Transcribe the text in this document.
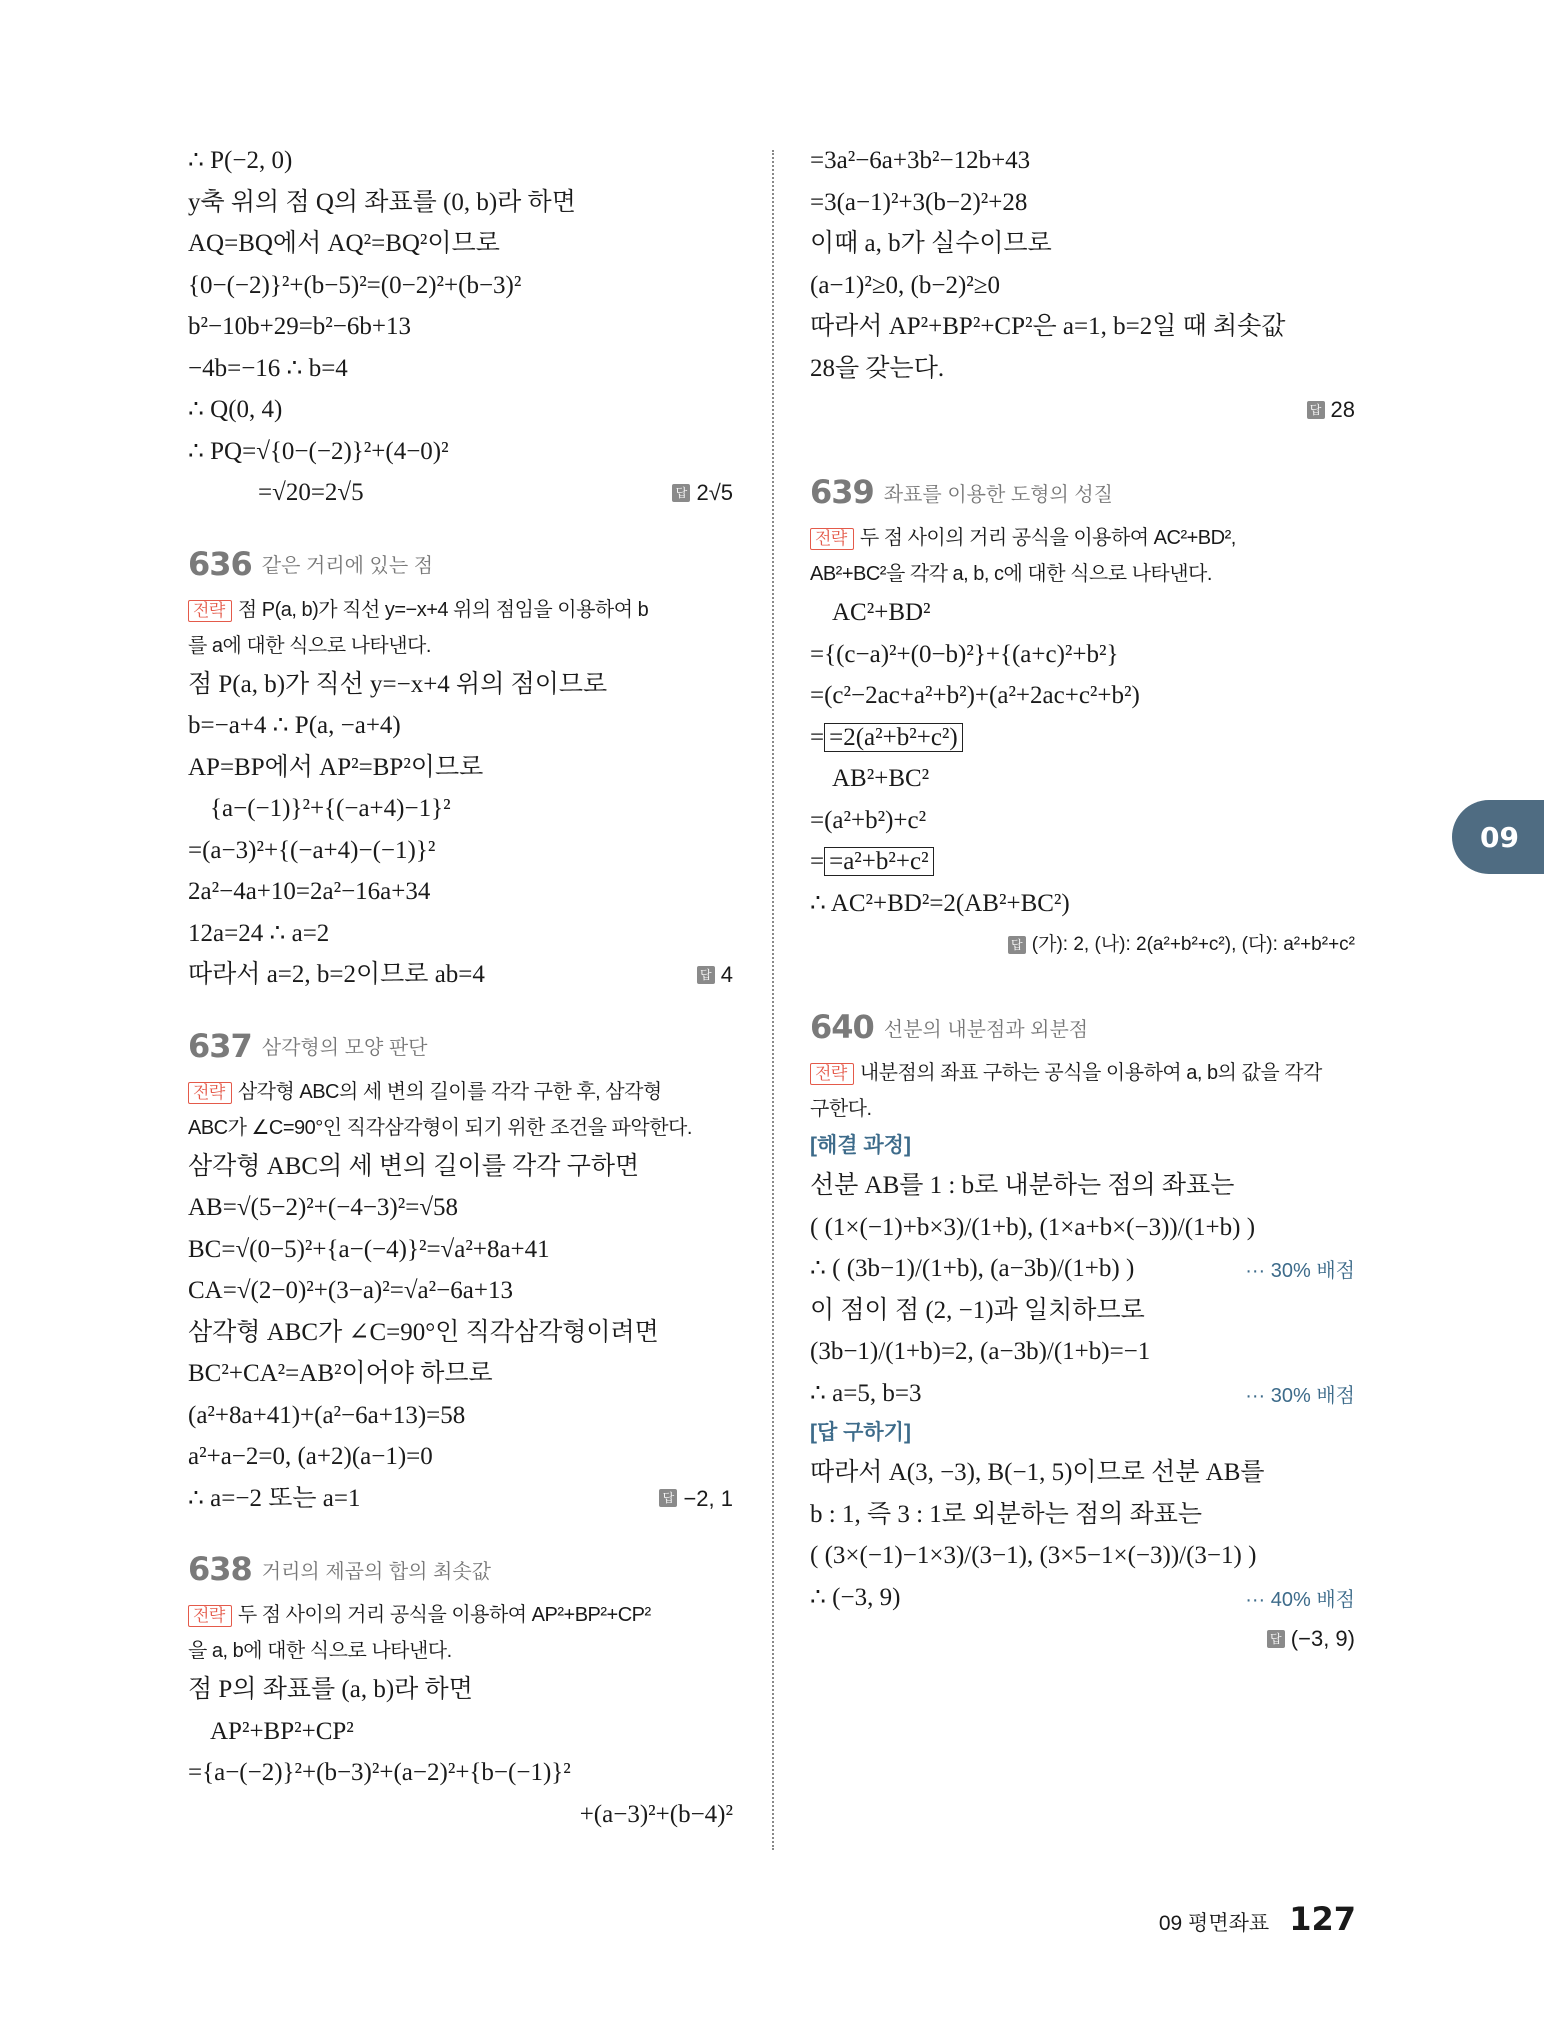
∴ P(−2, 0)
y축 위의 점 Q의 좌표를 (0, b)라 하면
AQ=BQ에서 AQ²=BQ²이므로
{0−(−2)}²+(b−5)²=(0−2)²+(b−3)²
b²−10b+29=b²−6b+13
−4b=−16 ∴ b=4
∴ Q(0, 4)
∴ PQ=√{0−(−2)}²+(4−0)²
=√20=2√5	답 2√5
636 같은 거리에 있는 점
전략 점 P(a, b)가 직선 y=−x+4 위의 점임을 이용하여 b
를 a에 대한 식으로 나타낸다.
점 P(a, b)가 직선 y=−x+4 위의 점이므로
b=−a+4 ∴ P(a, −a+4)
AP=BP에서 AP²=BP²이므로
{a−(−1)}²+{(−a+4)−1}²
=(a−3)²+{(−a+4)−(−1)}²
2a²−4a+10=2a²−16a+34
12a=24 ∴ a=2
따라서 a=2, b=2이므로 ab=4	답 4
637 삼각형의 모양 판단
전략 삼각형 ABC의 세 변의 길이를 각각 구한 후, 삼각형
ABC가 ∠C=90°인 직각삼각형이 되기 위한 조건을 파악한다.
삼각형 ABC의 세 변의 길이를 각각 구하면
AB=√(5−2)²+(−4−3)²=√58
BC=√(0−5)²+{a−(−4)}²=√a²+8a+41
CA=√(2−0)²+(3−a)²=√a²−6a+13
삼각형 ABC가 ∠C=90°인 직각삼각형이려면
BC²+CA²=AB²이어야 하므로
(a²+8a+41)+(a²−6a+13)=58
a²+a−2=0, (a+2)(a−1)=0
∴ a=−2 또는 a=1	답 −2, 1
638 거리의 제곱의 합의 최솟값
전략 두 점 사이의 거리 공식을 이용하여 AP²+BP²+CP²
을 a, b에 대한 식으로 나타낸다.
점 P의 좌표를 (a, b)라 하면
AP²+BP²+CP²
={a−(−2)}²+(b−3)²+(a−2)²+{b−(−1)}²
+(a−3)²+(b−4)²
=3a²−6a+3b²−12b+43
=3(a−1)²+3(b−2)²+28
이때 a, b가 실수이므로
(a−1)²≥0, (b−2)²≥0
따라서 AP²+BP²+CP²은 a=1, b=2일 때 최솟값
28을 갖는다.
답 28
639 좌표를 이용한 도형의 성질
전략 두 점 사이의 거리 공식을 이용하여 AC²+BD²,
AB²+BC²을 각각 a, b, c에 대한 식으로 나타낸다.
AC²+BD²
={(c−a)²+(0−b)²}+{(a+c)²+b²}
=(c²−2ac+a²+b²)+(a²+2ac+c²+b²)
= =2(a²+b²+c²)
AB²+BC²
=(a²+b²)+c²
= =a²+b²+c²
∴ AC²+BD²=2(AB²+BC²)
답 (가): 2, (나): 2(a²+b²+c²), (다): a²+b²+c²
640 선분의 내분점과 외분점
전략 내분점의 좌표 구하는 공식을 이용하여 a, b의 값을 각각
구한다.
[해결 과정]
선분 AB를 1 : b로 내분하는 점의 좌표는
( (1×(−1)+b×3)/(1+b), (1×a+b×(−3))/(1+b) )
∴ ( (3b−1)/(1+b), (a−3b)/(1+b) )	··· 30% 배점
이 점이 점 (2, −1)과 일치하므로
(3b−1)/(1+b)=2, (a−3b)/(1+b)=−1
∴ a=5, b=3	··· 30% 배점
[답 구하기]
따라서 A(3, −3), B(−1, 5)이므로 선분 AB를
b : 1, 즉 3 : 1로 외분하는 점의 좌표는
( (3×(−1)−1×3)/(3−1), (3×5−1×(−3))/(3−1) )
∴ (−3, 9)	··· 40% 배점
답 (−3, 9)
09
09 평면좌표 127
